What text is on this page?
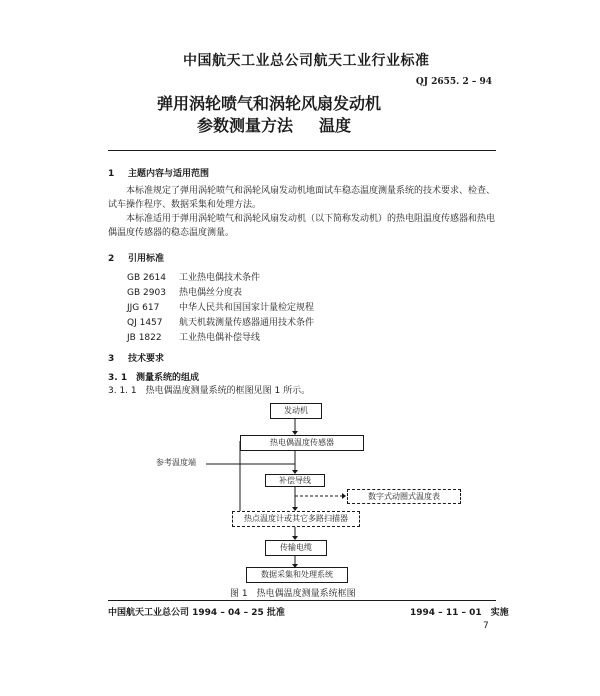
中国航天工业总公司航天工业行业标准
QJ 2655. 2 – 94
弹用涡轮喷气和涡轮风扇发动机
参数测量方法 温度
1 主题内容与适用范围
本标准规定了弹用涡轮喷气和涡轮风扇发动机地面试车稳态温度测量系统的技术要求、检查、试车操作程序、数据采集和处理方法。
本标准适用于弹用涡轮喷气和涡轮风扇发动机（以下简称发动机）的热电阻温度传感器和热电偶温度传感器的稳态温度测量。
2 引用标准
GB 2614 工业热电偶技术条件
GB 2903 热电偶丝分度表
JJG 617 中华人民共和国国家计量检定规程
QJ 1457 航天机载测量传感器通用技术条件
JB 1822 工业热电偶补偿导线
3 技术要求
3. 1 测量系统的组成
3. 1. 1　 热电偶温度测量系统的框图见图 1 所示。
发动机
热电偶温度传感器
参考温度端
补偿导线
数字式动圈式温度表
热点温度计或其它多路扫描器
传输电缆
数据采集和处理系统
图 1　热电偶温度测量系统框图
中国航天工业总公司 1994 – 04 – 25 批准	1994 – 11 – 01　实施
7
